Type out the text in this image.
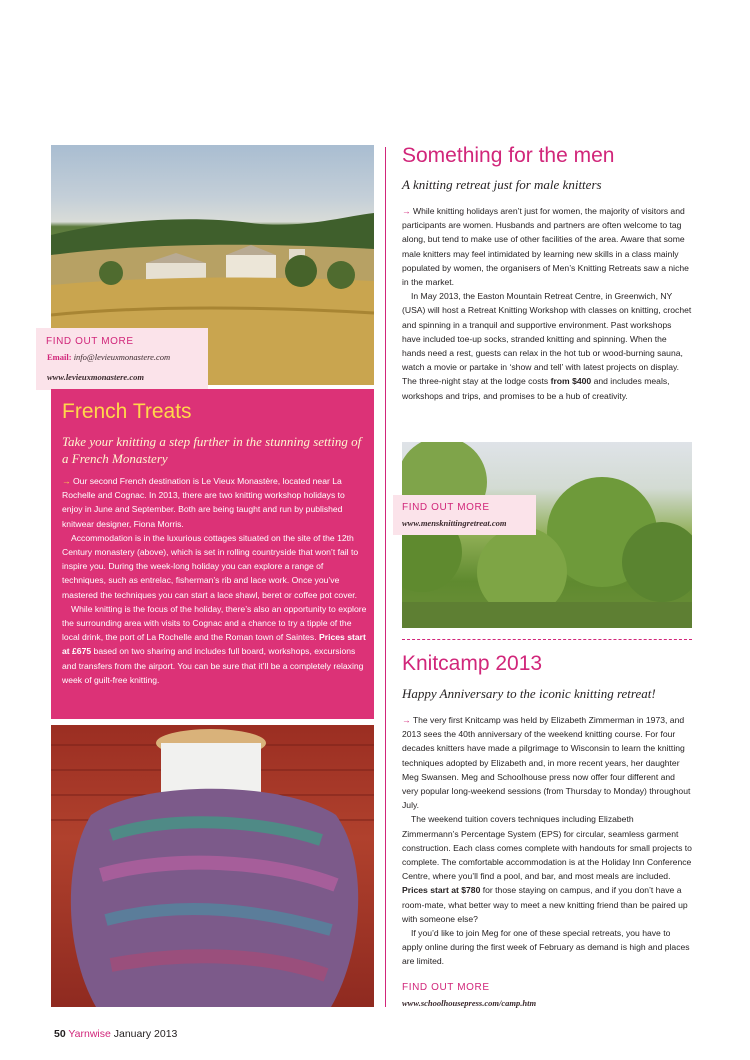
FIND OUT MORE
Email: info@levieuxmonastere.com
www.levieuxmonastere.com
French Treats
Take your knitting a step further in the stunning setting of a French Monastery

→ Our second French destination is Le Vieux Monastère, located near La Rochelle and Cognac. In 2013, there are two knitting workshop holidays to enjoy in June and September. Both are being taught and run by published knitwear designer, Fiona Morris.

Accommodation is in the luxurious cottages situated on the site of the 12th Century monastery (above), which is set in rolling countryside that won’t fail to inspire you. During the week-long holiday you can explore a range of techniques, such as entrelac, fisherman’s rib and lace work. Once you’ve mastered the techniques you can start a lace shawl, beret or coffee pot cover.

While knitting is the focus of the holiday, there’s also an opportunity to explore the surrounding area with visits to Cognac and a chance to try a tipple of the local drink, the port of La Rochelle and the Roman town of Saintes. Prices start at £675 based on two sharing and includes full board, workshops, excursions and transfers from the airport. You can be sure that it’ll be a completely relaxing week of guilt-free knitting.

50 Yarnwise January 2013
Something for the men
A knitting retreat just for male knitters

→ While knitting holidays aren’t just for women, the majority of visitors and participants are women. Husbands and partners are often welcome to tag along, but tend to make use of other facilities of the area. Aware that some male knitters may feel intimidated by learning new skills in a class mainly populated by women, the organisers of Men’s Knitting Retreats saw a niche in the market.

In May 2013, the Easton Mountain Retreat Centre, in Greenwich, NY (USA) will host a Retreat Knitting Workshop with classes on knitting, crochet and spinning in a tranquil and supportive environment. Past workshops have included toe-up socks, stranded knitting and spinning. When the hands need a rest, guests can relax in the hot tub or wood-burning sauna, watch a movie or partake in ‘show and tell’ with latest projects on display. The three-night stay at the lodge costs from $400 and includes meals, workshops and trips, and promises to be a hub of creativity.

FIND OUT MORE
www.mensknittingretreat.com
Knitcamp 2013
Happy Anniversary to the iconic knitting retreat!

→ The very first Knitcamp was held by Elizabeth Zimmerman in 1973, and 2013 sees the 40th anniversary of the weekend knitting course. For four decades knitters have made a pilgrimage to Wisconsin to learn the knitting techniques adopted by Elizabeth and, in more recent years, her daughter Meg Swansen. Meg and Schoolhouse press now offer four different and very popular long-weekend sessions (from Thursday to Monday) throughout July.

The weekend tuition covers techniques including Elizabeth Zimmermann’s Percentage System (EPS) for circular, seamless garment construction. Each class comes complete with handouts for small projects to complete. The comfortable accommodation is at the Holiday Inn Conference Centre, where you’ll find a pool, and bar, and most meals are included. Prices start at $780 for those staying on campus, and if you don’t have a room-mate, what better way to meet a new knitting friend than be paired up with someone else?

If you’d like to join Meg for one of these special retreats, you have to apply online during the first week of February as demand is high and places are limited.

FIND OUT MORE
www.schoolhousepress.com/camp.htm
